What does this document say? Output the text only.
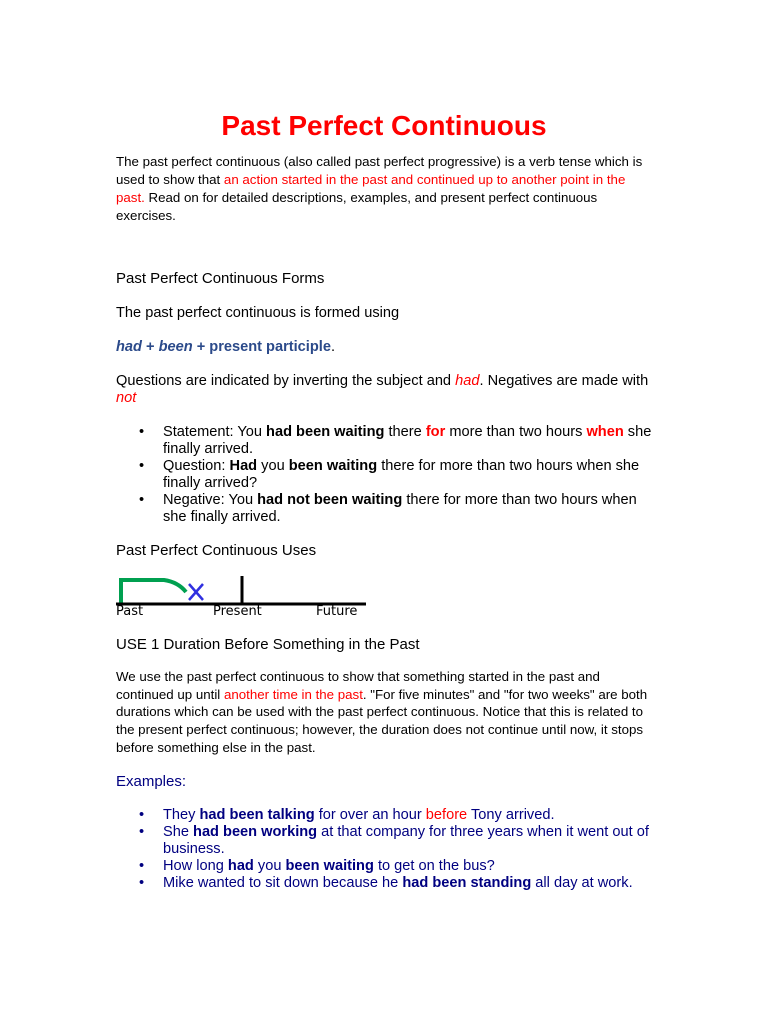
Past Perfect Continuous

The past perfect continuous (also called past perfect progressive) is a verb tense which is used to show that an action started in the past and continued up to another point in the past. Read on for detailed descriptions, examples, and present perfect continuous exercises.

Past Perfect Continuous Forms

The past perfect continuous is formed using

had + been + present participle.

Questions are indicated by inverting the subject and had. Negatives are made with not

• Statement: You had been waiting there for more than two hours when she finally arrived.
• Question: Had you been waiting there for more than two hours when she finally arrived?
• Negative: You had not been waiting there for more than two hours when she finally arrived.
Past Perfect Continuous Uses
Past	Present	Future
USE 1 Duration Before Something in the Past

We use the past perfect continuous to show that something started in the past and continued up until another time in the past. "For five minutes" and "for two weeks" are both durations which can be used with the past perfect continuous. Notice that this is related to the present perfect continuous; however, the duration does not continue until now, it stops before something else in the past.

Examples:
• They had been talking for over an hour before Tony arrived.
• She had been working at that company for three years when it went out of business.
• How long had you been waiting to get on the bus?
• Mike wanted to sit down because he had been standing all day at work.
